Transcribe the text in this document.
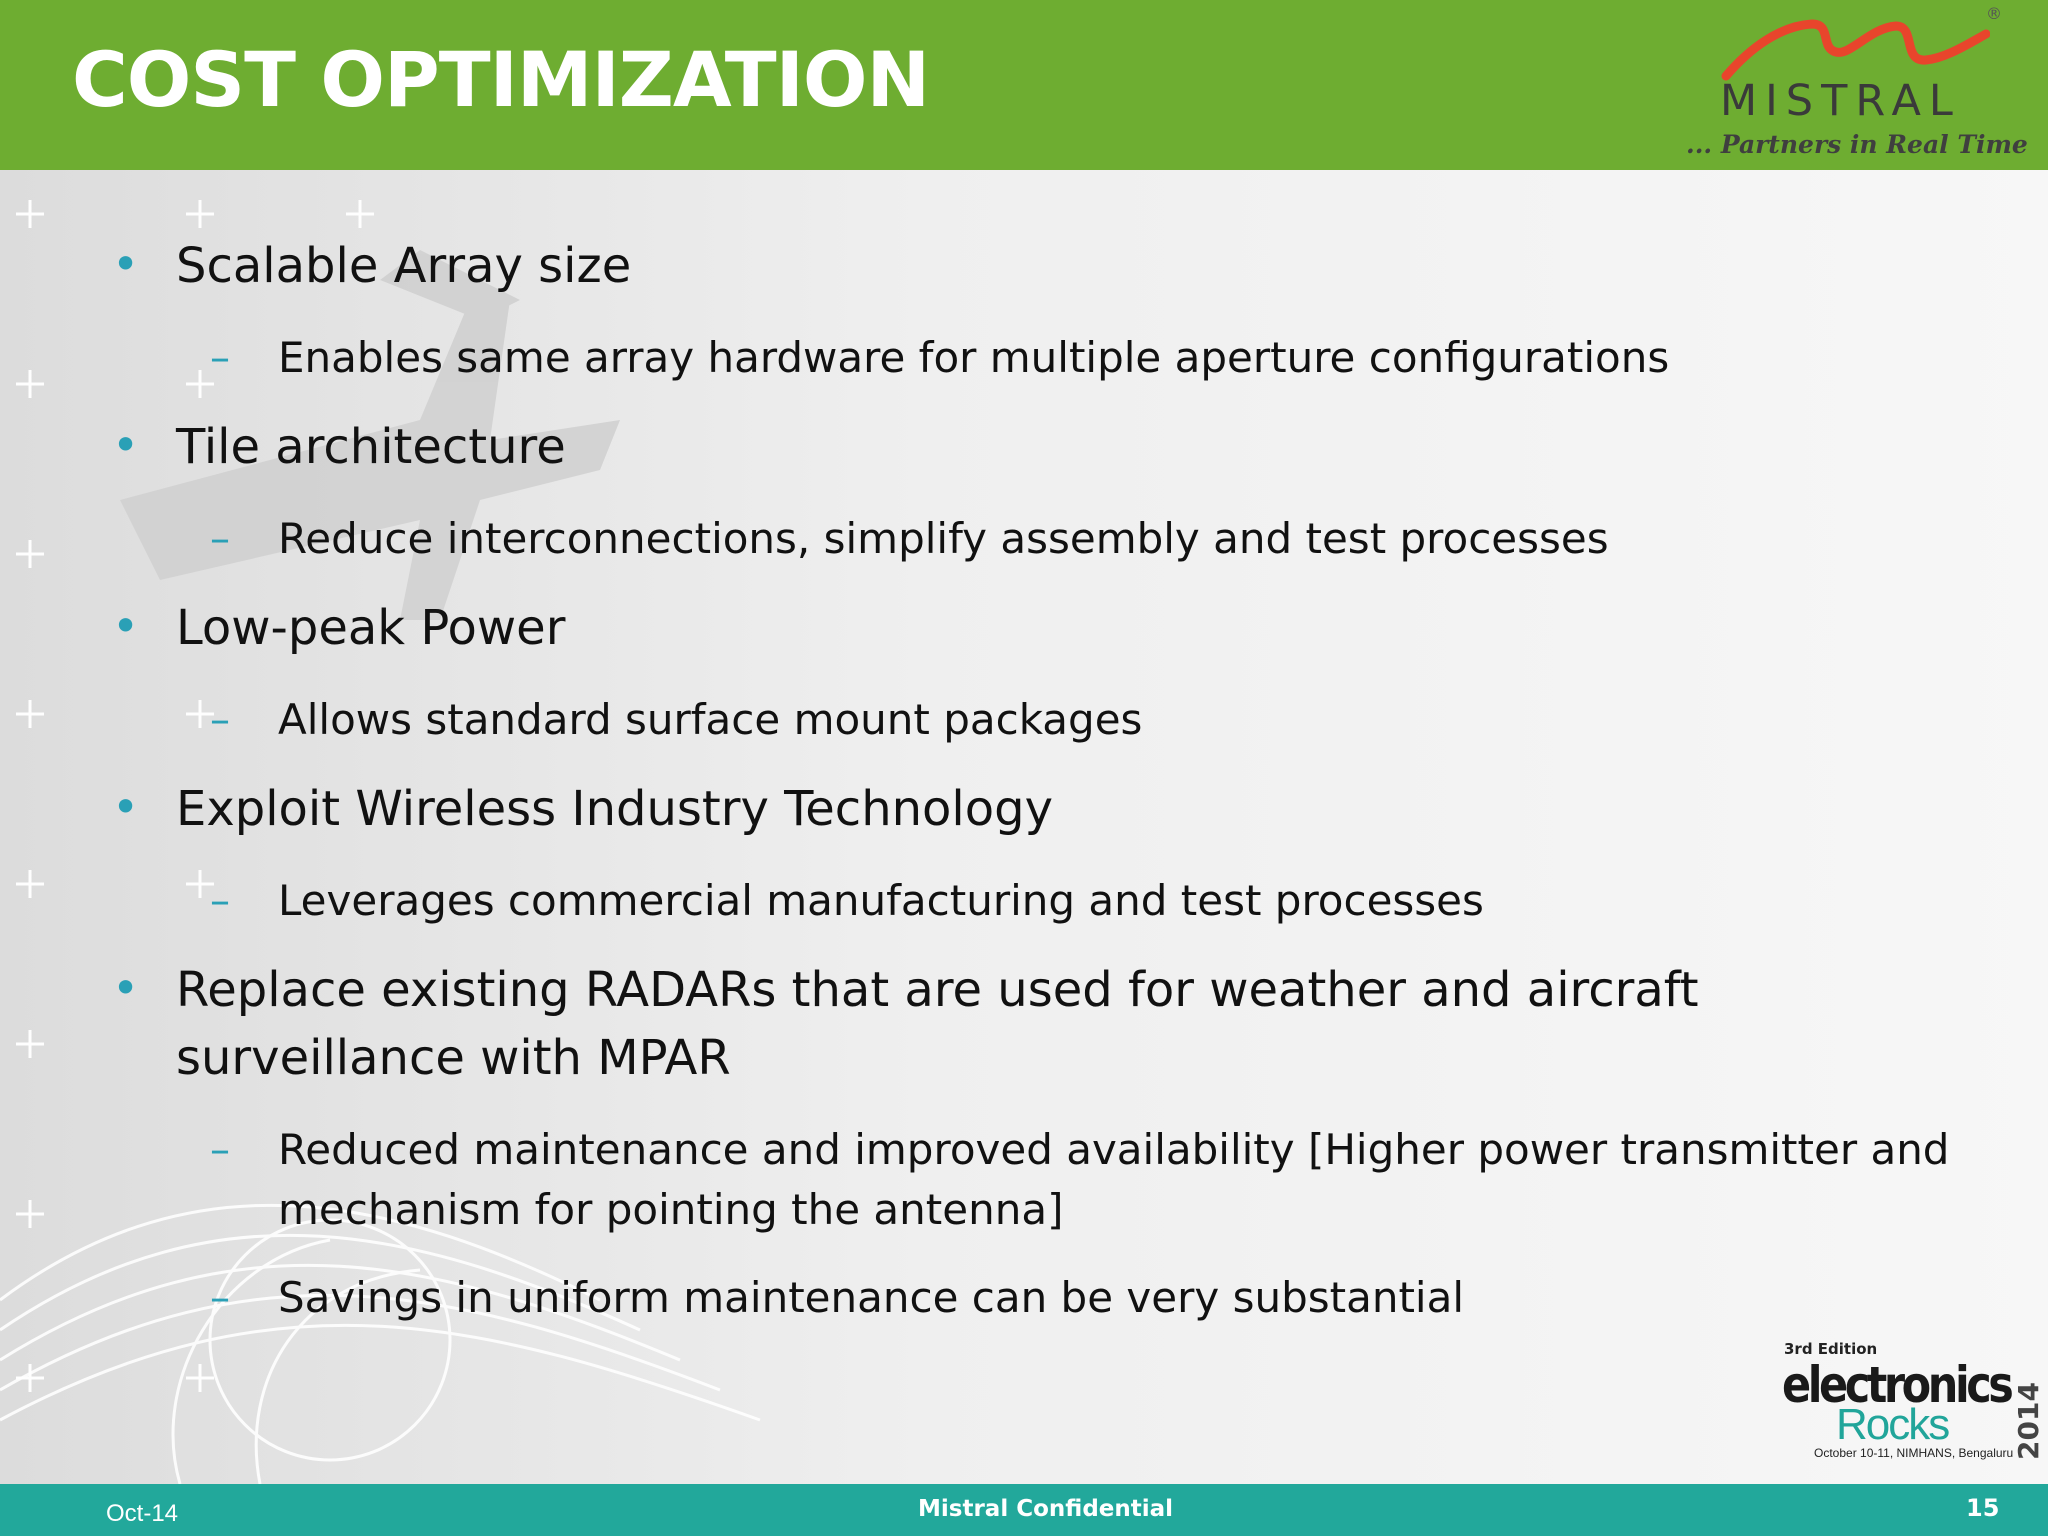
COST OPTIMIZATION
®
MISTRAL
... Partners in Real Time
• Scalable Array size
– Enables same array hardware for multiple aperture configurations
• Tile architecture
– Reduce interconnections, simplify assembly and test processes
• Low-peak Power
– Allows standard surface mount packages
• Exploit Wireless Industry Technology
– Leverages commercial manufacturing and test processes
• Replace existing RADARs that are used for weather and aircraft surveillance with MPAR
– Reduced maintenance and improved availability [Higher power transmitter and mechanism for pointing the antenna]
– Savings in uniform maintenance can be very substantial
3rd Edition
electronics
Rocks 2014
October 10-11, NIMHANS, Bengaluru
Oct-14	Mistral Confidential	15
